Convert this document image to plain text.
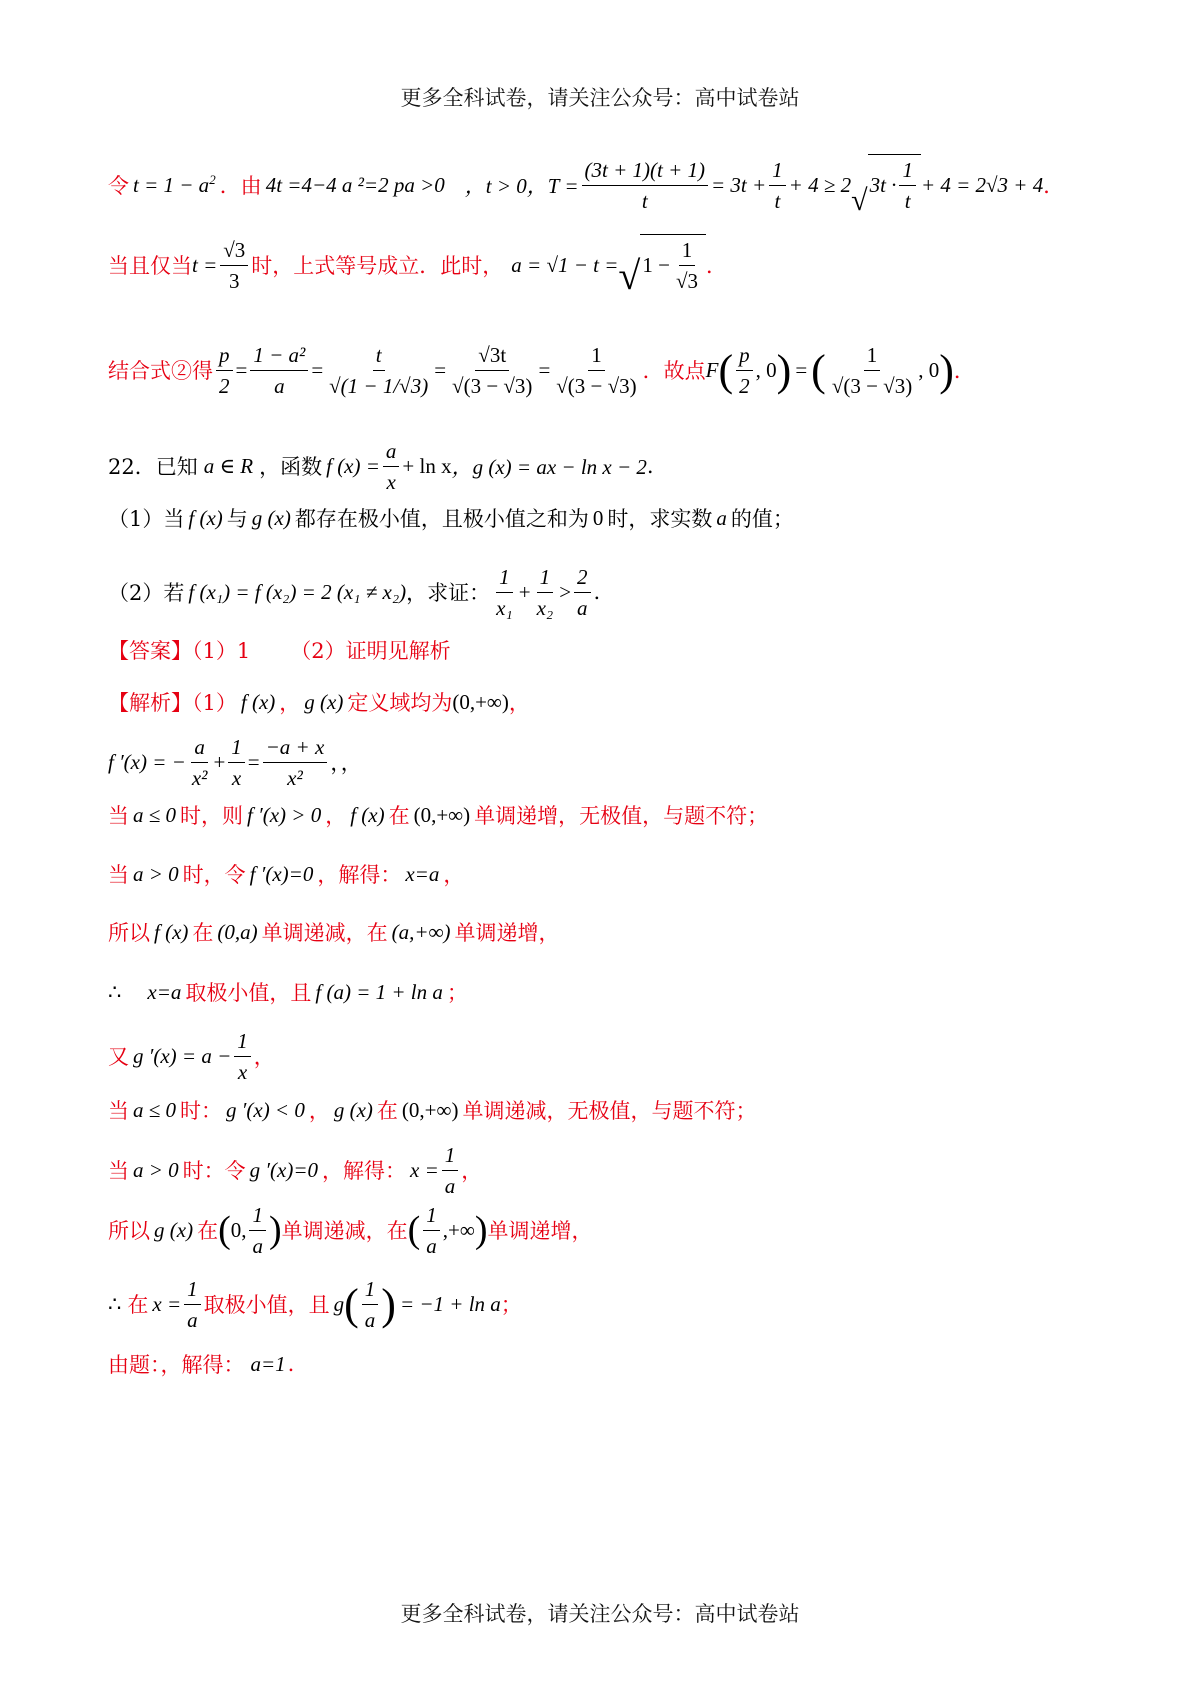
更多全科试卷，请关注公众号：高中试卷站
令 $t = 1 - a^2$ ．由 4t =4−4 a ²=2 pa >0 ，t > 0，$T = \frac{(3t + 1)(t + 1)}{t} = 3t + \frac{1}{t} + 4 \ge 2$ √ $3t \cdot \frac{1}{t} + 4 = 2√3 + 4$ ．
当且仅当 $t = \frac{√3}{3}$ 时，上式等号成立．此时， a = √1 − t = √ $1 - \frac{1}{√3}$ ．
结合式②得 $\frac{p}{2} = \frac{\text{1 − a²}}{a} = \frac{t}{√(1 - 1/√3)} = \frac{√3t}{√(3 - √3)} = \frac{1}{√(3 - √3)}$ ．故点 F ( $\frac{p}{2}$ , 0 ) = ( $\frac{1}{√(3 - √3)}$ , 0 ) ．
22．已知 a ∈ R ，函数 f $(x) = \frac{a}{x} + \ln x$ ，g (x) = ax − ln x − 2 .
（1）当 f (x) 与 g (x) 都存在极小值，且极小值之和为 0 时，求实数 a 的值；
（2）若 f (x₁) = f (x₂) = 2 (x₁ ≠ x₂) ，求证： $\frac{1}{\text{x₁}} + \frac{1}{\text{x₂}} > \frac{2}{a}$ .
【答案】（1）1 （2）证明见解析
【解析】（1） f (x) ， g (x) 定义域均为 (0,+∞) ，
f ′(x) = − $\frac{a}{\text{x²}} + \frac{1}{x} = \frac{-a + x}{\text{x²}}$ ，，
当 a ≤ 0 时，则 f ′(x) > 0 ， f (x) 在 (0,+∞) 单调递增，无极值，与题不符；
当 a > 0 时，令 f ′(x)=0 ，解得： x=a ，
所以 f (x) 在 (0,a) 单调递减，在 (a,+∞) 单调递增，
∴ x=a 取极小值，且 f (a) = 1 + ln a ；
又 g $'(x) = a - \frac{1}{x}$ ，
当 a ≤ 0 时： g ′(x) < 0 ， g (x) 在 (0,+∞) 单调递减，无极值，与题不符；
当 a > 0 时：令 g ′(x)=0 ，解得： $x = \frac{1}{a}$ ，
所以 g (x) 在 ( 0, $\frac{1}{a}$ ) 单调递减，在 ( $\frac{1}{a}$ ,+∞ ) 单调递增，
∴ 在 $x = \frac{1}{a}$ 取极小值，且 g ( $\frac{1}{a}$ ) = −1 + ln a ；
由题：，解得： a=1 .
更多全科试卷，请关注公众号：高中试卷站
